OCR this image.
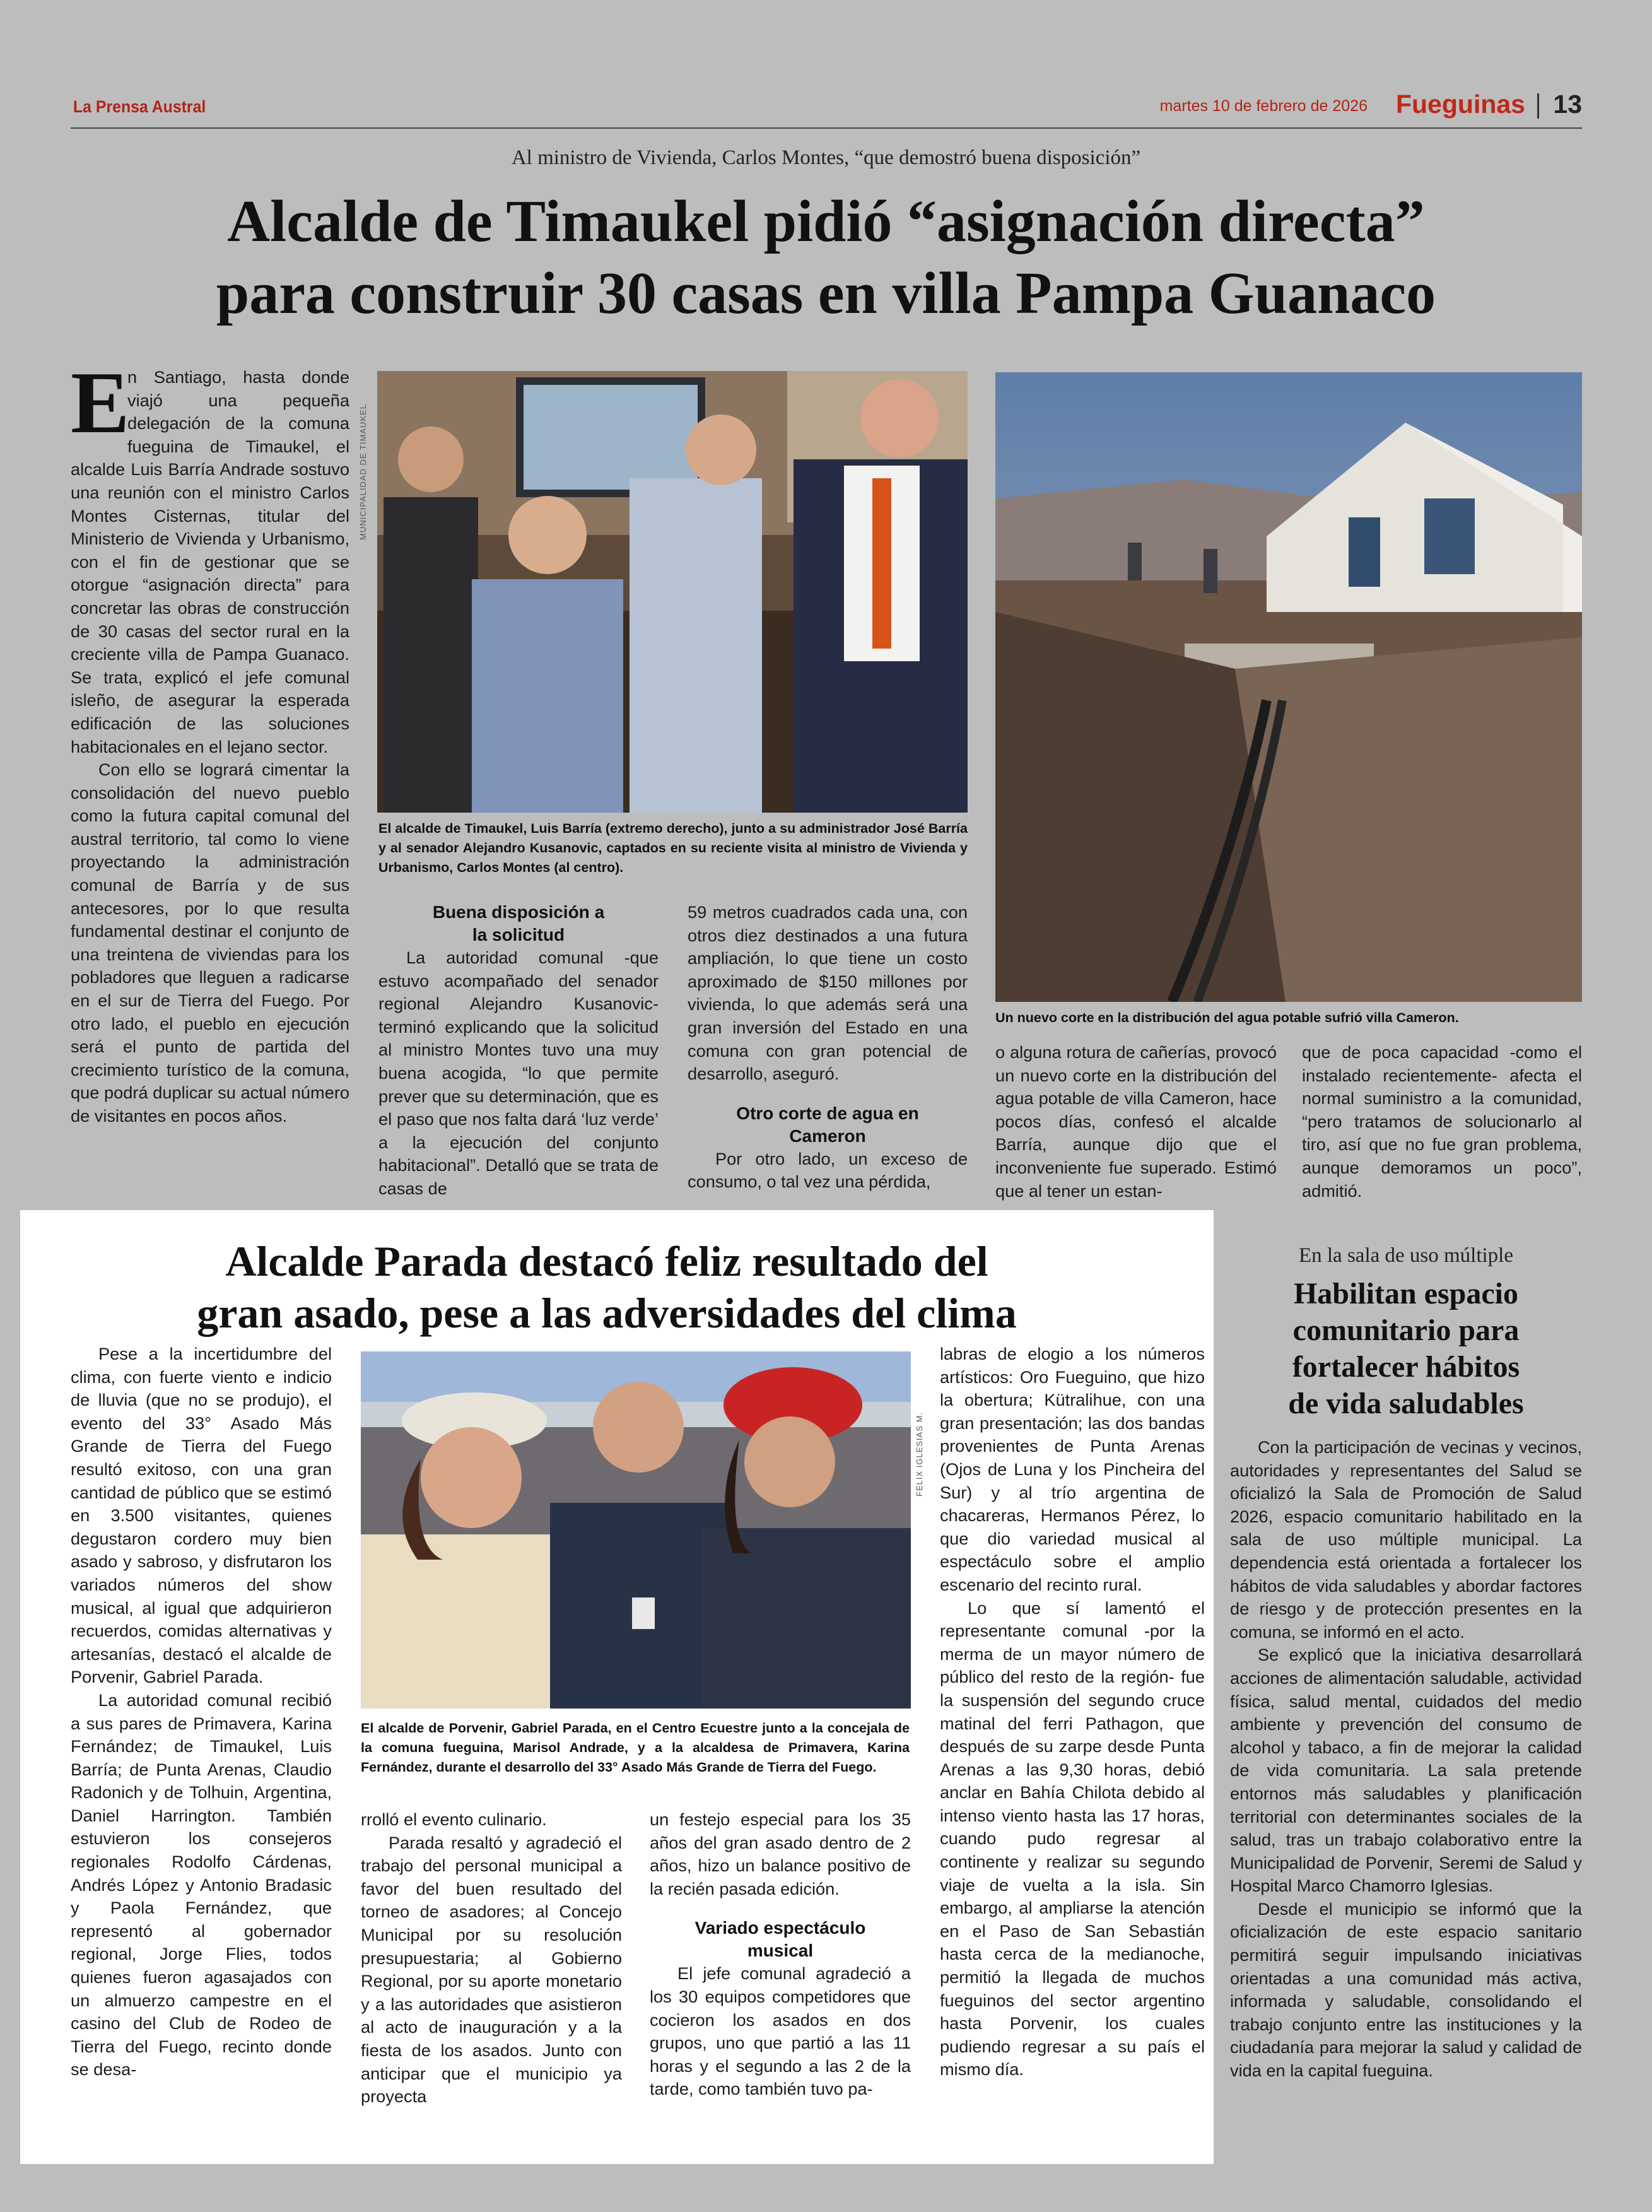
La Prensa Austral	martes 10 de febrero de 2026 Fueguinas 13
Al ministro de Vivienda, Carlos Montes, “que demostró buena disposición”
Alcalde de Timaukel pidió “asignación directa”
para construir 30 casas en villa Pampa Guanaco
E

n Santiago, hasta donde viajó una pequeña delegación de la comuna fueguina de Timaukel, el alcalde Luis Barría Andrade sostuvo una reunión con el ministro Carlos Montes Cisternas, titular del Ministerio de Vivienda y Urbanismo, con el fin de gestionar que se otorgue “asignación directa” para concretar las obras de construcción de 30 casas del sector rural en la creciente villa de Pampa Guanaco. Se trata, explicó el jefe comunal isleño, de asegurar la esperada edificación de las soluciones habitacionales en el lejano sector.

Con ello se logrará cimentar la consolidación del nuevo pueblo como la futura capital comunal del austral territorio, tal como lo viene proyectando la administración comunal de Barría y de sus antecesores, por lo que resulta fundamental destinar el conjunto de una treintena de viviendas para los pobladores que lleguen a radicarse en el sur de Tierra del Fuego. Por otro lado, el pueblo en ejecución será el punto de partida del crecimiento turístico de la comuna, que podrá duplicar su actual número de visitantes en pocos años.

MUNICIPALIDAD DE TIMAUKEL
El alcalde de Timaukel, Luis Barría (extremo derecho), junto a su administrador José Barría y al senador Alejandro Kusanovic, captados en su reciente visita al ministro de Vivienda y Urbanismo, Carlos Montes (al centro).
Buena disposición a la solicitud

La autoridad comunal -que estuvo acompañado del senador regional Alejandro Kusanovic- terminó explicando que la solicitud al ministro Montes tuvo una muy buena acogida, “lo que permite prever que su determinación, que es el paso que nos falta dará ‘luz verde’ a la ejecución del conjunto habitacional”. Detalló que se trata de casas de

59 metros cuadrados cada una, con otros diez destinados a una futura ampliación, lo que tiene un costo aproximado de $150 millones por vivienda, lo que además será una gran inversión del Estado en una comuna con gran potencial de desarrollo, aseguró.

Otro corte de agua en Cameron

Por otro lado, un exceso de consumo, o tal vez una pérdida,

Un nuevo corte en la distribución del agua potable sufrió villa Cameron.

o alguna rotura de cañerías, provocó un nuevo corte en la distribución del agua potable de villa Cameron, hace pocos días, confesó el alcalde Barría, aunque dijo que el inconveniente fue superado. Estimó que al tener un estan-

que de poca capacidad -como el instalado recientemente- afecta el normal suministro a la comunidad, “pero tratamos de solucionarlo al tiro, así que no fue gran problema, aunque demoramos un poco”, admitió.

Alcalde Parada destacó feliz resultado del
gran asado, pese a las adversidades del clima

Pese a la incertidumbre del clima, con fuerte viento e indicio de lluvia (que no se produjo), el evento del 33° Asado Más Grande de Tierra del Fuego resultó exitoso, con una gran cantidad de público que se estimó en 3.500 visitantes, quienes degustaron cordero muy bien asado y sabroso, y disfrutaron los variados números del show musical, al igual que adquirieron recuerdos, comidas alternativas y artesanías, destacó el alcalde de Porvenir, Gabriel Parada.

La autoridad comunal recibió a sus pares de Primavera, Karina Fernández; de Timaukel, Luis Barría; de Punta Arenas, Claudio Radonich y de Tolhuin, Argentina, Daniel Harrington. También estuvieron los consejeros regionales Rodolfo Cárdenas, Andrés López y Antonio Bradasic y Paola Fernández, que representó al gobernador regional, Jorge Flies, todos quienes fueron agasajados con un almuerzo campestre en el casino del Club de Rodeo de Tierra del Fuego, recinto donde se desa-

FELIX IGLESIAS M.
El alcalde de Porvenir, Gabriel Parada, en el Centro Ecuestre junto a la concejala de la comuna fueguina, Marisol Andrade, y a la alcaldesa de Primavera, Karina Fernández, durante el desarrollo del 33° Asado Más Grande de Tierra del Fuego.

rrolló el evento culinario.

Parada resaltó y agradeció el trabajo del personal municipal a favor del buen resultado del torneo de asadores; al Concejo Municipal por su resolución presupuestaria; al Gobierno Regional, por su aporte monetario y a las autoridades que asistieron al acto de inauguración y a la fiesta de los asados. Junto con anticipar que el municipio ya proyecta

un festejo especial para los 35 años del gran asado dentro de 2 años, hizo un balance positivo de la recién pasada edición.

Variado espectáculo musical

El jefe comunal agradeció a los 30 equipos competidores que cocieron los asados en dos grupos, uno que partió a las 11 horas y el segundo a las 2 de la tarde, como también tuvo pa-

labras de elogio a los números artísticos: Oro Fueguino, que hizo la obertura; Kütralihue, con una gran presentación; las dos bandas provenientes de Punta Arenas (Ojos de Luna y los Pincheira del Sur) y al trío argentina de chacareras, Hermanos Pérez, lo que dio variedad musical al espectáculo sobre el amplio escenario del recinto rural.

Lo que sí lamentó el representante comunal -por la merma de un mayor número de público del resto de la región- fue la suspensión del segundo cruce matinal del ferri Pathagon, que después de su zarpe desde Punta Arenas a las 9,30 horas, debió anclar en Bahía Chilota debido al intenso viento hasta las 17 horas, cuando pudo regresar al continente y realizar su segundo viaje de vuelta a la isla. Sin embargo, al ampliarse la atención en el Paso de San Sebastián hasta cerca de la medianoche, permitió la llegada de muchos fueguinos del sector argentino hasta Porvenir, los cuales pudiendo regresar a su país el mismo día.

En la sala de uso múltiple
Habilitan espacio
comunitario para
fortalecer hábitos
de vida saludables

Con la participación de vecinas y vecinos, autoridades y representantes del Salud se oficializó la Sala de Promoción de Salud 2026, espacio comunitario habilitado en la sala de uso múltiple municipal. La dependencia está orientada a fortalecer los hábitos de vida saludables y abordar factores de riesgo y de protección presentes en la comuna, se informó en el acto.

Se explicó que la iniciativa desarrollará acciones de alimentación saludable, actividad física, salud mental, cuidados del medio ambiente y prevención del consumo de alcohol y tabaco, a fin de mejorar la calidad de vida comunitaria. La sala pretende entornos más saludables y planificación territorial con determinantes sociales de la salud, tras un trabajo colaborativo entre la Municipalidad de Porvenir, Seremi de Salud y Hospital Marco Chamorro Iglesias.

Desde el municipio se informó que la oficialización de este espacio sanitario permitirá seguir impulsando iniciativas orientadas a una comunidad más activa, informada y saludable, consolidando el trabajo conjunto entre las instituciones y la ciudadanía para mejorar la salud y calidad de vida en la capital fueguina.
